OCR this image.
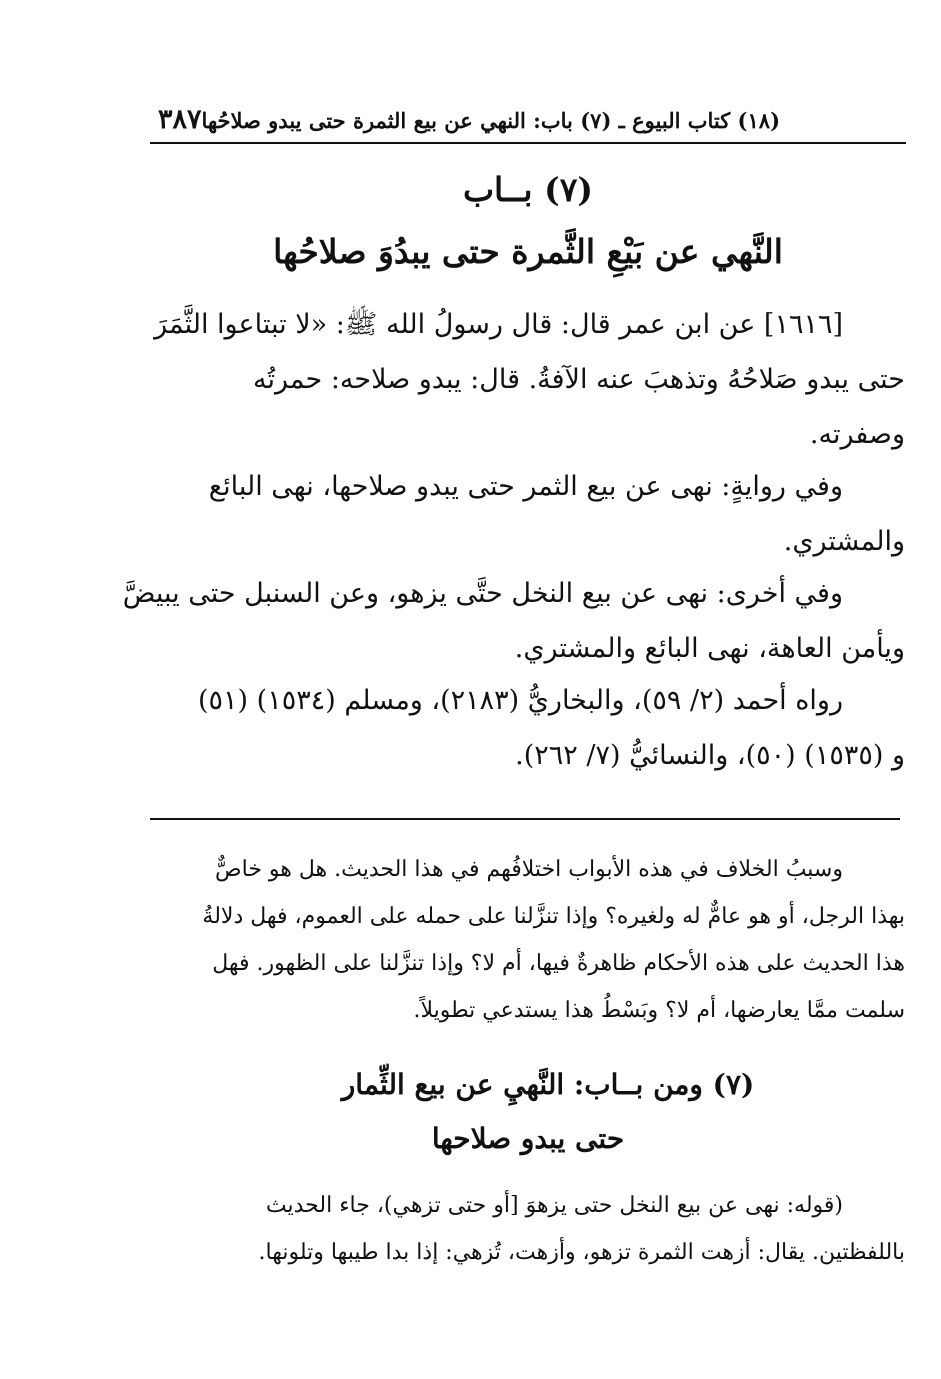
٣٨٧ (١٨) كتاب البيوع ـ (٧) باب: النهي عن بيع الثمرة حتى يبدو صلاحُها
(٧) بــاب
النَّهي عن بَيْعِ الثَّمرة حتى يبدُوَ صلاحُها
[١٦١٦] عن ابن عمر قال: قال رسولُ الله ﷺ: «لا تبتاعوا الثَّمَرَ
حتى يبدو صَلاحُهُ وتذهبَ عنه الآفةُ. قال: يبدو صلاحه: حمرتُه
وصفرته.
وفي روايةٍ: نهى عن بيع الثمر حتى يبدو صلاحها، نهى البائع
والمشتري.
وفي أخرى: نهى عن بيع النخل حتَّى يزهو، وعن السنبل حتى يبيضَّ
ويأمن العاهة، نهى البائع والمشتري.
رواه أحمد (٢/ ٥٩)، والبخاريُّ (٢١٨٣)، ومسلم (١٥٣٤) (٥١)
و (١٥٣٥) (٥٠)، والنسائيُّ (٧/ ٢٦٢).
وسببُ الخلاف في هذه الأبواب اختلافُهم في هذا الحديث. هل هو خاصٌّ
بهذا الرجل، أو هو عامٌّ له ولغيره؟ وإذا تنزَّلنا على حمله على العموم، فهل دلالةُ
هذا الحديث على هذه الأحكام ظاهرةٌ فيها، أم لا؟ وإذا تنزَّلنا على الظهور. فهل
سلمت ممَّا يعارضها، أم لا؟ وبَسْطُ هذا يستدعي تطويلاً.
(٧) ومن بــاب: النَّهيِ عن بيع الثِّمار
حتى يبدو صلاحها
(قوله: نهى عن بيع النخل حتى يزهوَ [أو حتى تزهي)، جاء الحديث
باللفظتين. يقال: أزهت الثمرة تزهو، وأزهت، تُزهي: إذا بدا طيبها وتلونها.
